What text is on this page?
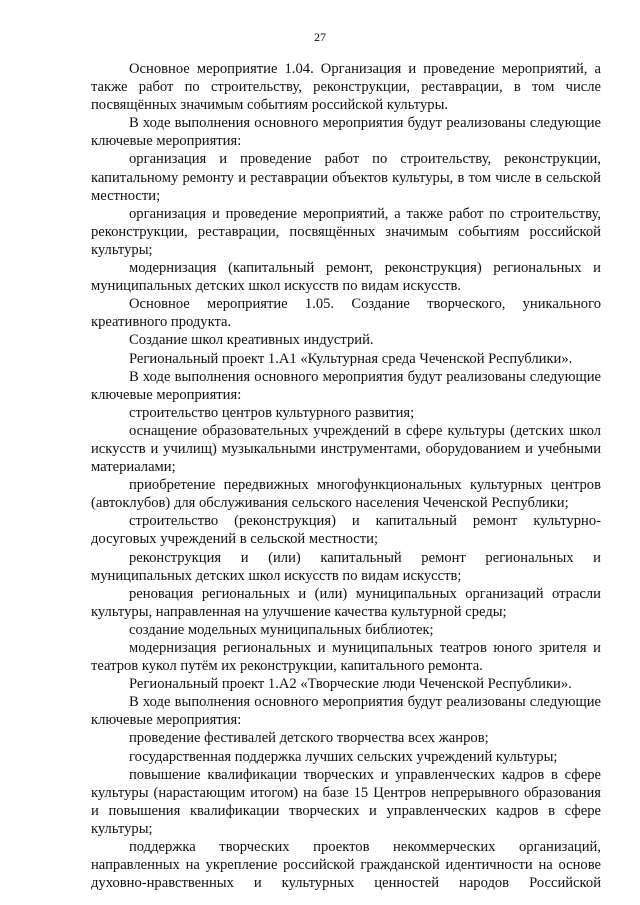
27

Основное мероприятие 1.04. Организация и проведение мероприятий, а также работ по строительству, реконструкции, реставрации, в том числе посвящённых значимым событиям российской культуры.

В ходе выполнения основного мероприятия будут реализованы следующие ключевые мероприятия:

организация и проведение работ по строительству, реконструкции, капитальному ремонту и реставрации объектов культуры, в том числе в сельской местности;

организация и проведение мероприятий, а также работ по строительству, реконструкции, реставрации, посвящённых значимым событиям российской культуры;

модернизация (капитальный ремонт, реконструкция) региональных и муниципальных детских школ искусств по видам искусств.

Основное мероприятие 1.05. Создание творческого, уникального креативного продукта.

Создание школ креативных индустрий.

Региональный проект 1.А1 «Культурная среда Чеченской Республики».

В ходе выполнения основного мероприятия будут реализованы следующие ключевые мероприятия:

строительство центров культурного развития;

оснащение образовательных учреждений в сфере культуры (детских школ искусств и училищ) музыкальными инструментами, оборудованием и учебными материалами;

приобретение передвижных многофункциональных культурных центров (автоклубов) для обслуживания сельского населения Чеченской Республики;

строительство (реконструкция) и капитальный ремонт культурно-досуговых учреждений в сельской местности;

реконструкция и (или) капитальный ремонт региональных и муниципальных детских школ искусств по видам искусств;

реновация региональных и (или) муниципальных организаций отрасли культуры, направленная на улучшение качества культурной среды;

создание модельных муниципальных библиотек;

модернизация региональных и муниципальных театров юного зрителя и театров кукол путём их реконструкции, капитального ремонта.

Региональный проект 1.А2 «Творческие люди Чеченской Республики».

В ходе выполнения основного мероприятия будут реализованы следующие ключевые мероприятия:

проведение фестивалей детского творчества всех жанров;

государственная поддержка лучших сельских учреждений культуры;

повышение квалификации творческих и управленческих кадров в сфере культуры (нарастающим итогом) на базе 15 Центров непрерывного образования и повышения квалификации творческих и управленческих кадров в сфере культуры;

поддержка творческих проектов некоммерческих организаций, направленных на укрепление российской гражданской идентичности на основе духовно-нравственных и культурных ценностей народов Российской
